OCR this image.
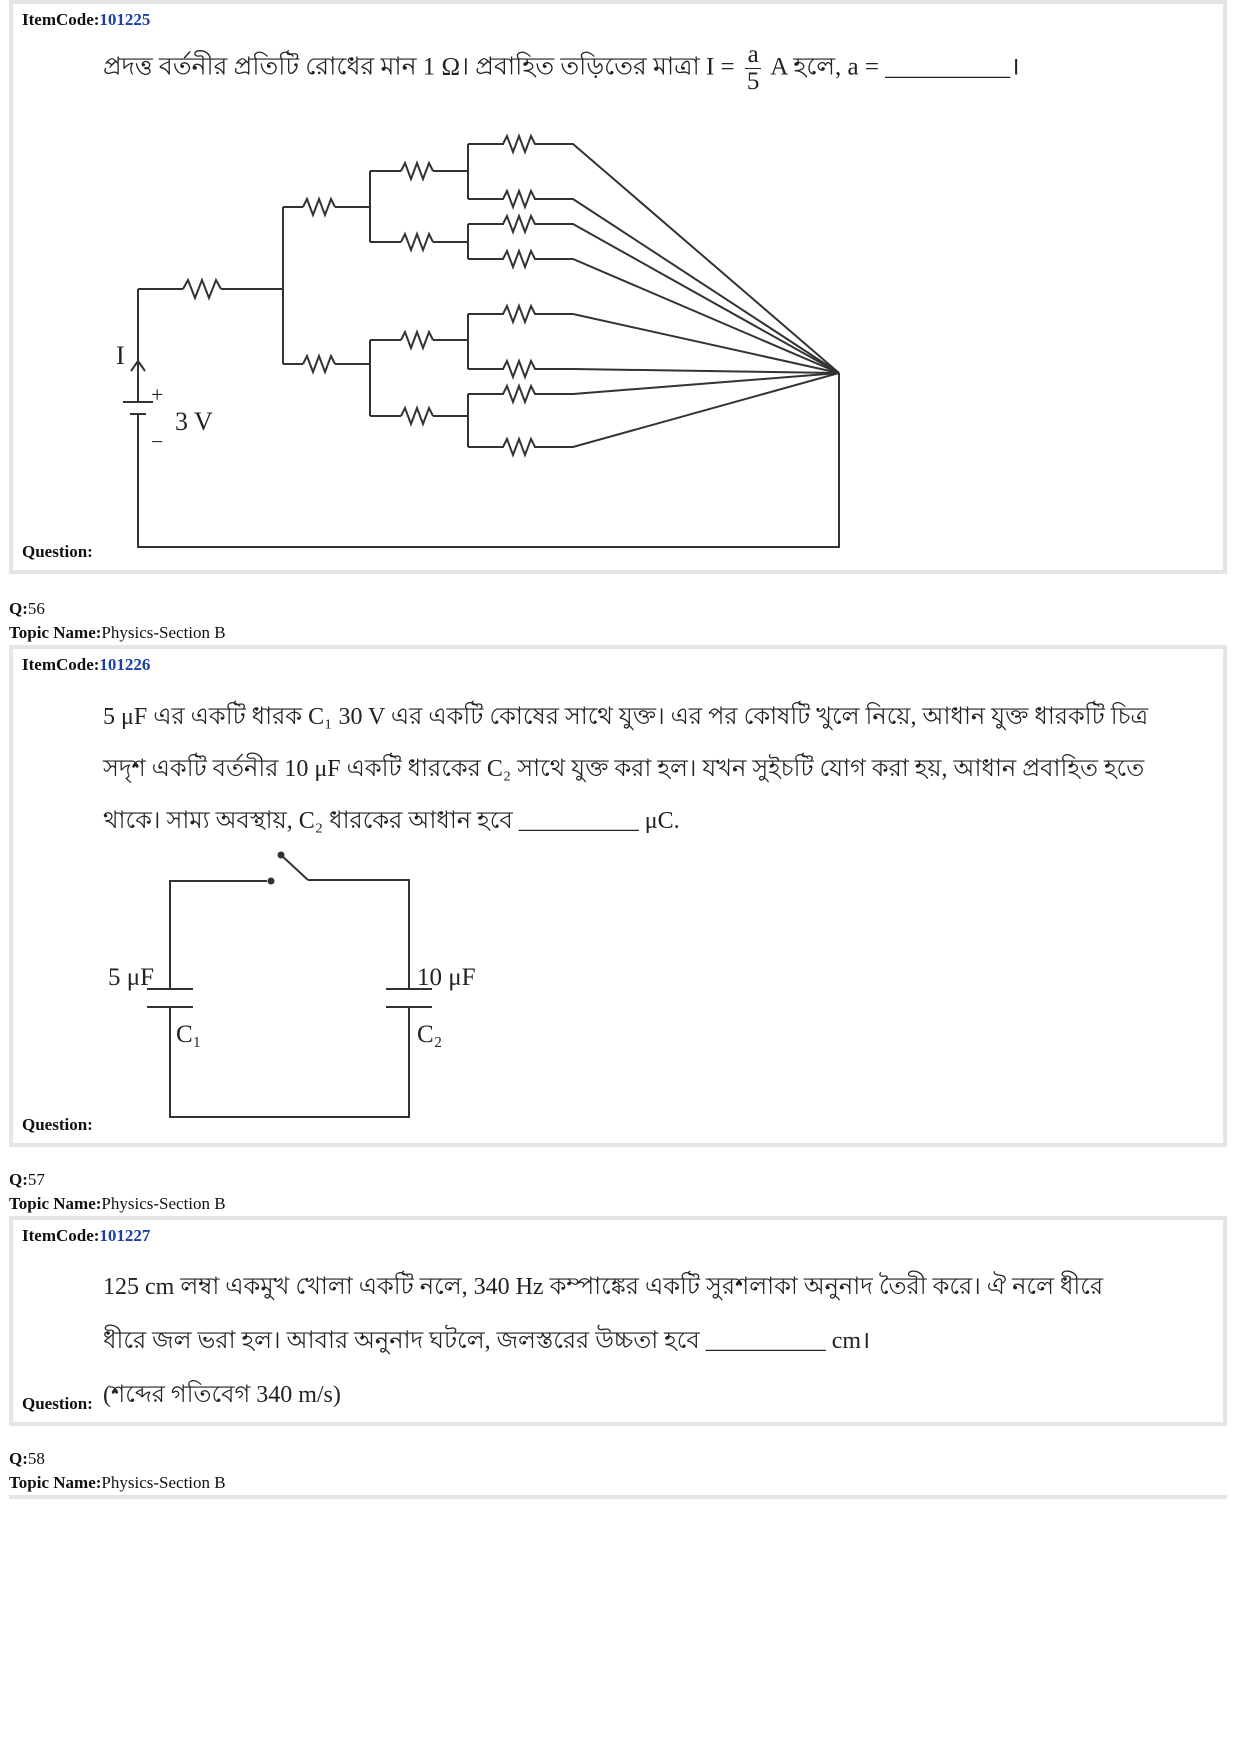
ItemCode:101225
প্রদত্ত বর্তনীর প্রতিটি রোধের মান 1 Ω। প্রবাহিত তড়িতের মাত্রা $I = \frac{a}{5}$ A হলে, a = __________।
I
+
−
3 V
Question:
Q:56
Topic Name:Physics-Section B
ItemCode:101226
5 μF এর একটি ধারক C₁ 30 V এর একটি কোষের সাথে যুক্ত। এর পর কোষটি খুলে নিয়ে, আধান যুক্ত ধারকটি চিত্র
সদৃশ একটি বর্তনীর 10 μF একটি ধারকের C₂ সাথে যুক্ত করা হল। যখন সুইচটি যোগ করা হয়, আধান প্রবাহিত হতে
থাকে। সাম্য অবস্থায়, C₂ ধারকের আধান হবে __________ μC.
5 μF
C₁
10 μF
C₂
Question:
Q:57
Topic Name:Physics-Section B
ItemCode:101227
125 cm লম্বা একমুখ খোলা একটি নলে, 340 Hz কম্পাঙ্কের একটি সুরশলাকা অনুনাদ তৈরী করে। ঐ নলে ধীরে
ধীরে জল ভরা হল। আবার অনুনাদ ঘটলে, জলস্তরের উচ্চতা হবে __________ cm।
(শব্দের গতিবেগ 340 m/s)
Question:
Q:58
Topic Name:Physics-Section B
